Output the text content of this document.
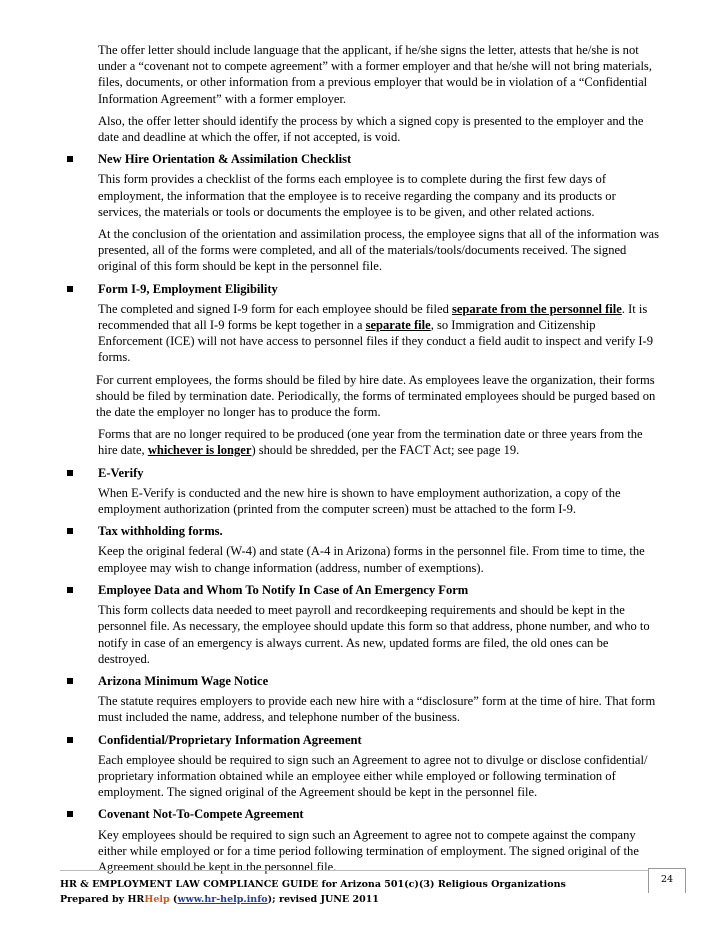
The offer letter should include language that the applicant, if he/she signs the letter, attests that he/she is not under a “covenant not to compete agreement” with a former employer and that he/she will not bring materials, files, documents, or other information from a previous employer that would be in violation of a “Confidential Information Agreement” with a former employer.

Also, the offer letter should identify the process by which a signed copy is presented to the employer and the date and deadline at which the offer, if not accepted, is void.

New Hire Orientation & Assimilation Checklist

This form provides a checklist of the forms each employee is to complete during the first few days of employment, the information that the employee is to receive regarding the company and its products or services, the materials or tools or documents the employee is to be given, and other related actions.

At the conclusion of the orientation and assimilation process, the employee signs that all of the information was presented, all of the forms were completed, and all of the materials/tools/documents received. The signed original of this form should be kept in the personnel file.

Form I-9, Employment Eligibility

The completed and signed I-9 form for each employee should be filed separate from the personnel file. It is recommended that all I-9 forms be kept together in a separate file, so Immigration and Citizenship Enforcement (ICE) will not have access to personnel files if they conduct a field audit to inspect and verify I-9 forms.

For current employees, the forms should be filed by hire date. As employees leave the organization, their forms should be filed by termination date. Periodically, the forms of terminated employees should be purged based on the date the employer no longer has to produce the form.

Forms that are no longer required to be produced (one year from the termination date or three years from the hire date, whichever is longer) should be shredded, per the FACT Act; see page 19.

E-Verify

When E-Verify is conducted and the new hire is shown to have employment authorization, a copy of the employment authorization (printed from the computer screen) must be attached to the form I-9.

Tax withholding forms.

Keep the original federal (W-4) and state (A-4 in Arizona) forms in the personnel file. From time to time, the employee may wish to change information (address, number of exemptions).

Employee Data and Whom To Notify In Case of An Emergency Form

This form collects data needed to meet payroll and recordkeeping requirements and should be kept in the personnel file. As necessary, the employee should update this form so that address, phone number, and who to notify in case of an emergency is always current. As new, updated forms are filed, the old ones can be destroyed.

Arizona Minimum Wage Notice

The statute requires employers to provide each new hire with a “disclosure” form at the time of hire. That form must included the name, address, and telephone number of the business.

Confidential/Proprietary Information Agreement

Each employee should be required to sign such an Agreement to agree not to divulge or disclose confidential/ proprietary information obtained while an employee either while employed or following termination of employment. The signed original of the Agreement should be kept in the personnel file.

Covenant Not-To-Compete Agreement

Key employees should be required to sign such an Agreement to agree not to compete against the company either while employed or for a time period following termination of employment. The signed original of the Agreement should be kept in the personnel file.

24
HR & EMPLOYMENT LAW COMPLIANCE GUIDE for Arizona 501(c)(3) Religious Organizations
Prepared by HRHelp (www.hr-help.info); revised JUNE 2011
